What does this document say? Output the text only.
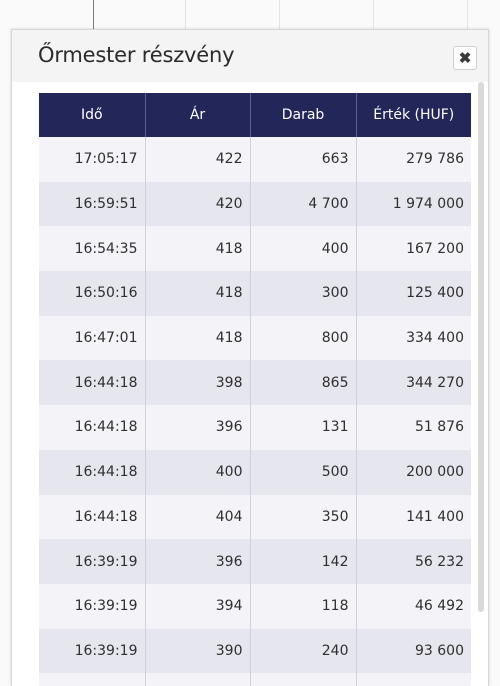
Őrmester részvény	✖
Idő	Ár	Darab	Érték (HUF)
17:05:17	422	663	279 786
16:59:51	420	4 700	1 974 000
16:54:35	418	400	167 200
16:50:16	418	300	125 400
16:47:01	418	800	334 400
16:44:18	398	865	344 270
16:44:18	396	131	51 876
16:44:18	400	500	200 000
16:44:18	404	350	141 400
16:39:19	396	142	56 232
16:39:19	394	118	46 492
16:39:19	390	240	93 600
